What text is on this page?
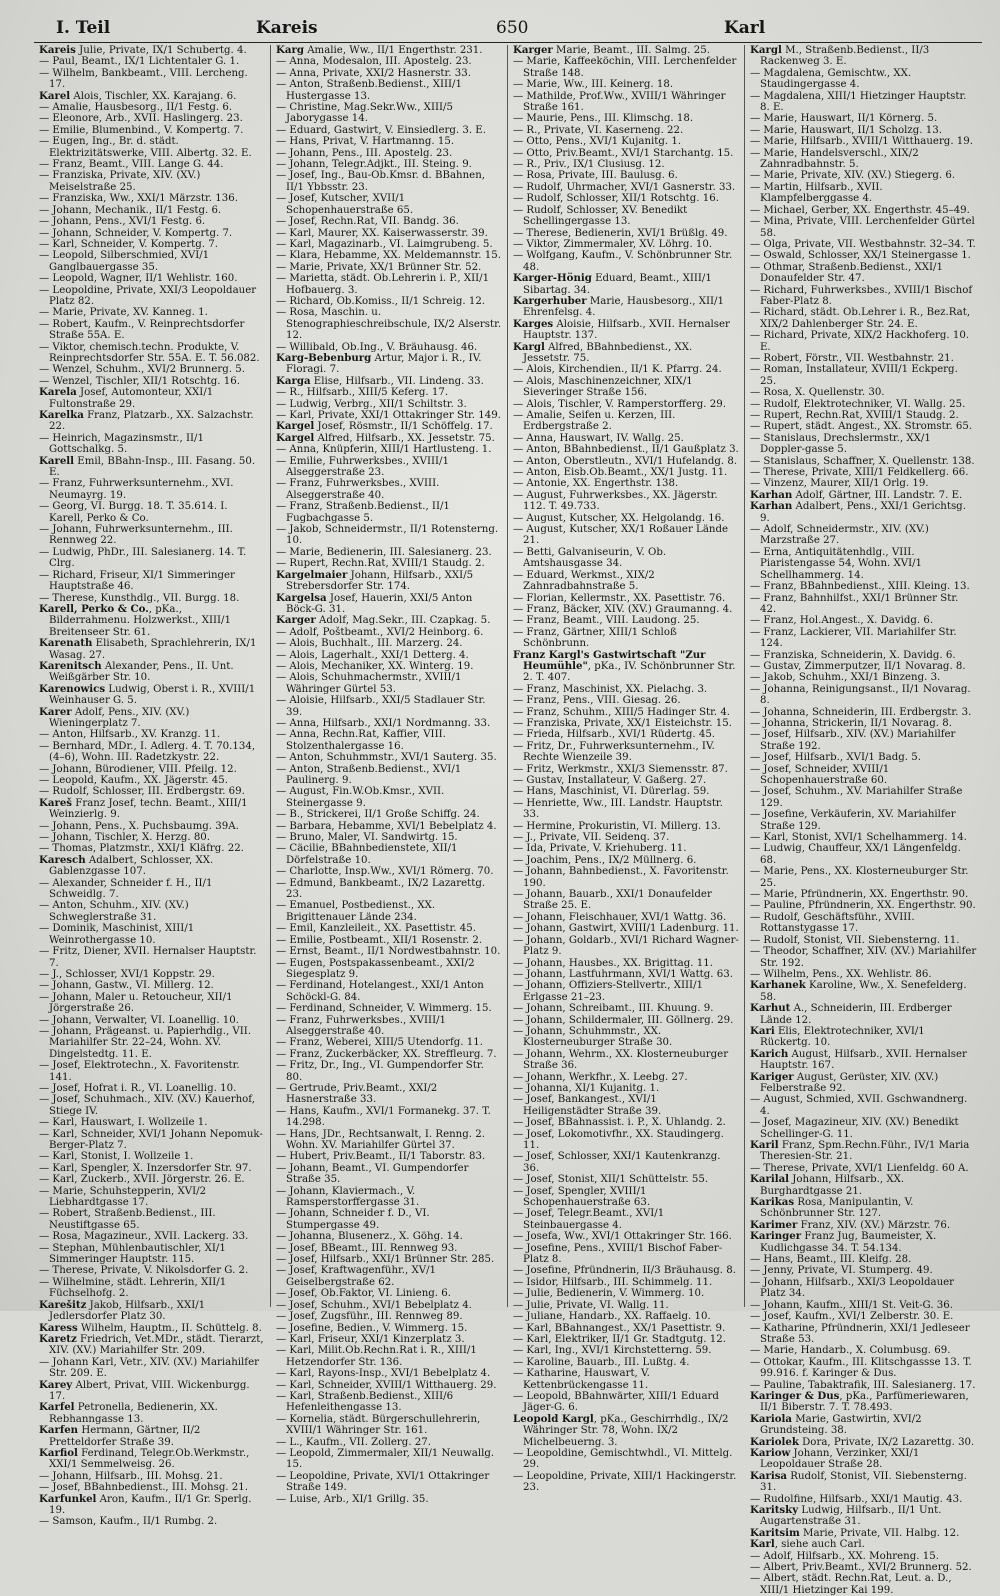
I. Teil	Kareis	650	Karl

Kareis Julie, Private, IX/1 Schubertg. 4.

— Paul, Beamt., IX/1 Lichtentaler G. 1.

— Wilhelm, Bankbeamt., VIII. Lercheng. 17.

Karel Alois, Tischler, XX. Karajang. 6.

— Amalie, Hausbesorg., II/1 Festg. 6.

— Eleonore, Arb., XVII. Haslingerg. 23.

— Emilie, Blumenbind., V. Kompertg. 7.

— Eugen, Ing., Br. d. städt. Elektrizitätswerke, VIII. Albertg. 32. E.

— Franz, Beamt., VIII. Lange G. 44.

— Franziska, Private, XIV. (XV.) Meiselstraße 25.

— Franziska, Ww., XXI/1 Märzstr. 136.

— Johann, Mechanik., II/1 Festg. 6.

— Johann, Pens., XVI/1 Festg. 6.

— Johann, Schneider, V. Kompertg. 7.

— Karl, Schneider, V. Kompertg. 7.

— Leopold, Silberschmied, XVI/1 Ganglbauergasse 35.

— Leopold, Wagner, II/1 Wehlistr. 160.

— Leopoldine, Private, XXI/3 Leopoldauer Platz 82.

— Marie, Private, XV. Kanneg. 1.

— Robert, Kaufm., V. Reinprechtsdorfer Straße 55A. E.

— Viktor, chemisch.techn. Produkte, V. Reinprechtsdorfer Str. 55A. E. T. 56.082.

— Wenzel, Schuhm., XVI/2 Brunnerg. 5.

— Wenzel, Tischler, XII/1 Rotschtg. 16.

Karela Josef, Automonteur, XXI/1 Fultonstraße 29.

Karelka Franz, Platzarb., XX. Salzachstr. 22.

— Heinrich, Magazinsmstr., II/1 Gottschalkg. 5.

Karell Emil, BBahn-Insp., III. Fasang. 50. E.

— Franz, Fuhrwerksunternehm., XVI. Neumayrg. 19.

— Georg, VI. Burgg. 18. T. 35.614. I. Karell, Perko & Co.

— Johann, Fuhrwerksunternehm., III. Rennweg 22.

— Ludwig, PhDr., III. Salesianerg. 14. T. Clrg.

— Richard, Friseur, XI/1 Simmeringer Hauptstraße 46.

— Therese, Kunsthdlg., VII. Burgg. 18.

Karell, Perko & Co., pKa., Bilderrahmenu. Holzwerkst., XIII/1 Breitenseer Str. 61.

Karenath Elisabeth, Sprachlehrerin, IX/1 Wasag. 27.

Karenitsch Alexander, Pens., II. Unt. Weißgärber Str. 10.

Karenowics Ludwig, Oberst i. R., XVIII/1 Weinhauser G. 5.

Karer Adolf, Pens., XIV. (XV.) Wieningerplatz 7.

— Anton, Hilfsarb., XV. Kranzg. 11.

— Bernhard, MDr., I. Adlerg. 4. T. 70.134, (4–6), Wohn. III. Radetzkystr. 22.

— Johann, Bürodiener, VIII. Pfeilg. 12.

— Leopold, Kaufm., XX. Jägerstr. 45.

— Rudolf, Schlosser, III. Erdbergstr. 69.

Kareš Franz Josef, techn. Beamt., XIII/1 Weinzierlg. 9.

— Johann, Pens., X. Puchsbaumg. 39A.

— Johann, Tischler, X. Herzg. 80.

— Thomas, Platzmstr., XXI/1 Kläfrg. 22.

Karesch Adalbert, Schlosser, XX. Gablenzgasse 107.

— Alexander, Schneider f. H., II/1 Schweidlg. 7.

— Anton, Schuhm., XIV. (XV.) Schweglerstraße 31.

— Dominik, Maschinist, XIII/1 Weinrothergasse 10.

— Fritz, Diener, XVII. Hernalser Hauptstr. 7.

— J., Schlosser, XVI/1 Koppstr. 29.

— Johann, Gastw., VI. Millerg. 12.

— Johann, Maler u. Retoucheur, XII/1 Jörgerstraße 26.

— Johann, Verwalter, VI. Loanellig. 10.

— Johann, Prägeanst. u. Papierhdlg., VII. Mariahilfer Str. 22–24, Wohn. XV. Dingelstedtg. 11. E.

— Josef, Elektrotechn., X. Favoritenstr. 141.

— Josef, Hofrat i. R., VI. Loanellig. 10.

— Josef, Schuhmach., XIV. (XV.) Kauerhof, Stiege IV.

— Karl, Hauswart, I. Wollzeile 1.

— Karl, Schneider, XVI/1 Johann Nepomuk-Berger-Platz 7.

— Karl, Stonist, I. Wollzeile 1.

— Karl, Spengler, X. Inzersdorfer Str. 97.

— Karl, Zuckerb., XVII. Jörgerstr. 26. E.

— Marie, Schuhstepperin, XVI/2 Liebhardtgasse 17.

— Robert, Straßenb.Bedienst., III. Neustiftgasse 65.

— Rosa, Magazineur., XVII. Lackerg. 33.

— Stephan, Mühlenbautischler, XI/1 Simmeringer Hauptstr. 115.

— Therese, Private, V. Nikolsdorfer G. 2.

— Wilhelmine, städt. Lehrerin, XII/1 Füchselhofg. 2.

Karešitz Jakob, Hilfsarb., XXI/1 Jedlersdorfer Platz 30.

Karess Wilhelm, Hauptm., II. Schüttelg. 8.

Karetz Friedrich, Vet.MDr., städt. Tierarzt, XIV. (XV.) Mariahilfer Str. 209.

— Johann Karl, Vetr., XIV. (XV.) Mariahilfer Str. 209. E.

Karey Albert, Privat, VIII. Wickenburgg. 17.

Karfel Petronella, Bedienerin, XX. Rebhanngasse 13.

Karfen Hermann, Gärtner, II/2 Pretteldorfer Straße 39.

Karfiol Ferdinand, Telegr.Ob.Werkmstr., XXI/1 Semmelweisg. 26.

— Johann, Hilfsarb., III. Mohsg. 21.

— Josef, BBahnbedienst., III. Mohsg. 21.

Karfunkel Aron, Kaufm., II/1 Gr. Sperlg. 19.

— Samson, Kaufm., II/1 Rumbg. 2.

Karg Amalie, Ww., II/1 Engerthstr. 231.

— Anna, Modesalon, III. Apostelg. 23.

— Anna, Private, XXI/2 Hasnerstr. 33.

— Anton, Straßenb.Bedienst., XIII/1 Hustergasse 13.

— Christine, Mag.Sekr.Ww., XIII/5 Jaborygasse 14.

— Eduard, Gastwirt, V. Einsiedlerg. 3. E.

— Hans, Privat, V. Hartmanng. 15.

— Johann, Pens., III. Apostelg. 23.

— Johann, Telegr.Adjkt., III. Steing. 9.

— Josef, Ing., Bau-Ob.Kmsr. d. BBahnen, II/1 Ybbsstr. 23.

— Josef, Kutscher, XVII/1 Schopenhauerstraße 65.

— Josef, Rechn.Rat, VII. Bandg. 36.

— Karl, Maurer, XX. Kaiserwasserstr. 39.

— Karl, Magazinarb., VI. Laimgrubeng. 5.

— Klara, Hebamme, XX. Meldemannstr. 15.

— Marie, Private, XX/1 Brünner Str. 52.

— Marietta, städt. Ob.Lehrerin i. P., XII/1 Hofbauerg. 3.

— Richard, Ob.Komiss., II/1 Schreig. 12.

— Rosa, Maschin. u. Stenographieschreibschule, IX/2 Alserstr. 12.

— Willibald, Ob.Ing., V. Bräuhausg. 46.

Karg-Bebenburg Artur, Major i. R., IV. Floragi. 7.

Karga Elise, Hilfsarb., VII. Lindeng. 33.

— R., Hilfsarb., XIII/5 Keferg. 17.

— Ludwig, Verbrg., XII/1 Schiltstr. 3.

— Karl, Private, XXI/1 Ottakringer Str. 149.

Kargel Josef, Rösmstr., II/1 Schöffelg. 17.

Kargel Alfred, Hilfsarb., XX. Jessetstr. 75.

— Anna, Knüpferin, XIII/1 Hartlusteng. 1.

— Emilie, Fuhrwerksbes., XVIII/1 Alseggerstraße 23.

— Franz, Fuhrwerksbes., XVIII. Alseggerstraße 40.

— Franz, Straßenb.Bedienst., II/1 Fugbachgasse 5.

— Jakob, Schneidermstr., II/1 Rotensterng. 10.

— Marie, Bedienerin, III. Salesianerg. 23.

— Rupert, Rechn.Rat, XVIII/1 Staudg. 2.

Kargelmaier Johann, Hilfsarb., XXI/5 Strebersdorfer Str. 174.

Kargelsa Josef, Hauerin, XXI/5 Anton Böck-G. 31.

Karger Adolf, Mag.Sekr., III. Czapkag. 5.

— Adolf, Poštbeamt., XVI/2 Heinborg. 6.

— Alois, Buchhalt., III. Marzerg. 24.

— Alois, Lagerhalt., XXI/1 Detterg. 4.

— Alois, Mechaniker, XX. Winterg. 19.

— Alois, Schuhmachermstr., XVIII/1 Währinger Gürtel 53.

— Aloisie, Hilfsarb., XXI/5 Stadlauer Str. 39.

— Anna, Hilfsarb., XXI/1 Nordmanng. 33.

— Anna, Rechn.Rat, Kaffier, VIII. Stolzenthalergasse 16.

— Anton, Schuhmmstr., XVI/1 Sauterg. 35.

— Anton, Straßenb.Bedienst., XVI/1 Paulinerg. 9.

— August, Fin.W.Ob.Kmsr., XVII. Steinergasse 9.

— B., Strickerei, II/1 Große Schiffg. 24.

— Barbara, Hebamme, XVI/1 Bebelplatz 4.

— Bruno, Maler, VI. Sandwirtg. 15.

— Cäcilie, BBahnbedienstete, XII/1 Dörfelstraße 10.

— Charlotte, Insp.Ww., XVI/1 Römerg. 70.

— Edmund, Bankbeamt., IX/2 Lazarettg. 23.

— Emanuel, Postbedienst., XX. Brigittenauer Lände 234.

— Emil, Kanzleileit., XX. Pasettistr. 45.

— Emilie, Postbeamt., XII/1 Rosenstr. 2.

— Ernst, Beamt., II/1 Nordwestbahnstr. 10.

— Eugen, Postspakassenbeamt., XXI/2 Siegesplatz 9.

— Ferdinand, Hotelangest., XXI/1 Anton Schöckl-G. 84.

— Ferdinand, Schneider, V. Wimmerg. 15.

— Franz, Fuhrwerksbes., XVIII/1 Alseggerstraße 40.

— Franz, Weberei, XIII/5 Utendorfg. 11.

— Franz, Zuckerbäcker, XX. Streffleurg. 7.

— Fritz, Dr., Ing., VI. Gumpendorfer Str. 80.

— Gertrude, Priv.Beamt., XXI/2 Hasnerstraße 33.

— Hans, Kaufm., XVI/1 Formanekg. 37. T. 14.298.

— Hans, JDr., Rechtsanwalt, I. Renng. 2. Wohn. XV. Mariahilfer Gürtel 37.

— Hubert, Priv.Beamt., II/1 Taborstr. 83.

— Johann, Beamt., VI. Gumpendorfer Straße 35.

— Johann, Klaviermach., V. Ramsperstorffergasse 31.

— Johann, Schneider f. D., VI. Stumpergasse 49.

— Johanna, Blusenerz., X. Göhg. 14.

— Josef, BBeamt., III. Rennweg 93.

— Josef, Hilfsarb., XXI/1 Brünner Str. 285.

— Josef, Kraftwagenführ., XV/1 Geiselbergstraße 62.

— Josef, Ob.Faktor, VI. Linieng. 6.

— Josef, Schuhm., XVI/1 Bebelplatz 4.

— Josef, Zugsführ., III. Rennweg 89.

— Josefine, Bedien., V. Wimmerg. 15.

— Karl, Friseur, XXI/1 Kinzerplatz 3.

— Karl, Milit.Ob.Rechn.Rat i. R., XIII/1 Hetzendorfer Str. 136.

— Karl, Rayons-Insp., XVI/1 Bebelplatz 4.

— Karl, Schneider, XVIII/1 Witthauerg. 29.

— Karl, Straßenb.Bedienst., XIII/6 Hefenleithengasse 13.

— Kornelia, städt. Bürgerschullehrerin, XVIII/1 Währinger Str. 161.

— L., Kaufm., VII. Zollerg. 27.

— Leopold, Zimmermaler, XII/1 Neuwallg. 15.

— Leopoldine, Private, XVI/1 Ottakringer Straße 149.

— Luise, Arb., XI/1 Grillg. 35.

Karger Marie, Beamt., III. Salmg. 25.

— Marie, Kaffeeköchin, VIII. Lerchenfelder Straße 148.

— Marie, Ww., III. Keinerg. 18.

— Mathilde, Prof.Ww., XVIII/1 Währinger Straße 161.

— Maurie, Pens., III. Klimschg. 18.

— R., Private, VI. Kaserneng. 22.

— Otto, Pens., XVI/1 Kujanitg. 1.

— Otto, Priv.Beamt., XVI/1 Starchantg. 15.

— R., Priv., IX/1 Clusiusg. 12.

— Rosa, Private, III. Baulusg. 6.

— Rudolf, Uhrmacher, XVI/1 Gasnerstr. 33.

— Rudolf, Schlosser, XII/1 Rotschtg. 16.

— Rudolf, Schlosser, XV. Benedikt Schellingergasse 13.

— Therese, Bedienerin, XVI/1 Brüßlg. 49.

— Viktor, Zimmermaler, XV. Löhrg. 10.

— Wolfgang, Kaufm., V. Schönbrunner Str. 48.

Karger-Hönig Eduard, Beamt., XIII/1 Sibartag. 34.

Kargerhuber Marie, Hausbesorg., XII/1 Ehrenfelsg. 4.

Karges Aloisie, Hilfsarb., XVII. Hernalser Hauptstr. 137.

Kargl Alfred, BBahnbedienst., XX. Jessetstr. 75.

— Alois, Kirchendien., II/1 K. Pfarrg. 24.

— Alois, Maschinenzeichner, XIX/1 Sieveringer Straße 156.

— Alois, Tischler, V. Ramperstorfferg. 29.

— Amalie, Seifen u. Kerzen, III. Erdbergstraße 2.

— Anna, Hauswart, IV. Wallg. 25.

— Anton, BBahnbedienst., II/1 Gaußplatz 3.

— Anton, Oberstleutn., XVI/1 Hufelandg. 8.

— Anton, Eisb.Ob.Beamt., XX/1 Justg. 11.

— Antonie, XX. Engerthstr. 138.

— August, Fuhrwerksbes., XX. Jägerstr. 112. T. 49.733.

— August, Kutscher, XX. Helgolandg. 16.

— August, Kutscher, XX/1 Roßauer Lände 21.

— Betti, Galvaniseurin, V. Ob. Amtshausgasse 34.

— Eduard, Werkmst., XIX/2 Zahnradbahnstraße 5.

— Florian, Kellermstr., XX. Pasettistr. 76.

— Franz, Bäcker, XIV. (XV.) Graumanng. 4.

— Franz, Beamt., VIII. Laudong. 25.

— Franz, Gärtner, XIII/1 Schloß Schönbrunn.

Franz Kargl's Gastwirtschaft "Zur Heumühle", pKa., IV. Schönbrunner Str. 2. T. 407.

— Franz, Maschinist, XX. Pielachg. 3.

— Franz, Pens., VIII. Giesag. 26.

— Franz, Schuhm., XIII/5 Hadinger Str. 4.

— Franziska, Private, XX/1 Eisteichstr. 15.

— Frieda, Hilfsarb., XVI/1 Rüdertg. 45.

— Fritz, Dr., Fuhrwerksunternehm., IV. Rechte Wienzeile 39.

— Fritz, Werkmstr., XXI/3 Siemensstr. 87.

— Gustav, Installateur, V. Gaßerg. 27.

— Hans, Maschinist, VI. Dürerlag. 59.

— Henriette, Ww., III. Landstr. Hauptstr. 33.

— Hermine, Prokuristin, VI. Millerg. 13.

— J., Private, VII. Seidenq. 37.

— Ida, Private, V. Kriehuberg. 11.

— Joachim, Pens., IX/2 Müllnerg. 6.

— Johann, Bahnbedienst., X. Favoritenstr. 190.

— Johann, Bauarb., XXI/1 Donaufelder Straße 25. E.

— Johann, Fleischhauer, XVI/1 Wattg. 36.

— Johann, Gastwirt, XVIII/1 Ladenburg. 11.

— Johann, Goldarb., XVI/1 Richard Wagner-Platz 9.

— Johann, Hausbes., XX. Brigittag. 11.

— Johann, Lastfuhrmann, XVI/1 Wattg. 63.

— Johann, Offiziers-Stellvertr., XIII/1 Erlgasse 21–23.

— Johann, Schreibamt., III. Khuung. 9.

— Johann, Schildermaler, III. Göllnerg. 29.

— Johann, Schuhmmstr., XX. Klosterneuburger Straße 30.

— Johann, Wehrm., XX. Klosterneuburger Straße 36.

— Johann, Werkfhr., X. Leebg. 27.

— Johanna, XI/1 Kujanitg. 1.

— Josef, Bankangest., XVI/1 Heiligenstädter Straße 39.

— Josef, BBahnassist. i. P., X. Uhlandg. 2.

— Josef, Lokomotivfhr., XX. Staudingerg. 11.

— Josef, Schlosser, XXI/1 Kautenkranzg. 36.

— Josef, Stonist, XII/1 Schüttelstr. 55.

— Josef, Spengler, XVIII/1 Schopenhauerstraße 63.

— Josef, Telegr.Beamt., XVI/1 Steinbauergasse 4.

— Josefa, Ww., XVI/1 Ottakringer Str. 166.

— Josefine, Pens., XVIII/1 Bischof Faber-Platz 8.

— Josefine, Pfründnerin, II/3 Bräuhausg. 8.

— Isidor, Hilfsarb., III. Schimmelg. 11.

— Julie, Bedienerin, V. Wimmerg. 10.

— Julie, Private, VI. Wallg. 11.

— Juliane, Handarb., XX. Raffaelg. 10.

— Karl, BBahnangest., XX/1 Pasettistr. 9.

— Karl, Elektriker, II/1 Gr. Stadtgutg. 12.

— Karl, Ing., XVI/1 Kirchstetterng. 59.

— Karoline, Bauarb., III. Lußtg. 4.

— Katharine, Hauswart, V. Kettenbrückengasse 11.

— Leopold, BBahnwärter, XIII/1 Eduard Jäger-G. 6.

Leopold Kargl, pKa., Geschirrhdlg., IX/2 Währinger Str. 78, Wohn. IX/2 Michelbeuerng. 3.

— Leopoldine, Gemischtwhdl., VI. Mittelg. 29.

— Leopoldine, Private, XIII/1 Hackingerstr. 23.

Kargl M., Straßenb.Bedienst., II/3 Rackenweg 3. E.

— Magdalena, Gemischtw., XX. Staudingergasse 4.

— Magdalena, XIII/1 Hietzinger Hauptstr. 8. E.

— Marie, Hauswart, II/1 Körnerg. 5.

— Marie, Hauswart, II/1 Scholzg. 13.

— Marie, Hilfsarb., XVIII/1 Witthauerg. 19.

— Marie, Handelsverschl., XIX/2 Zahnradbahnstr. 5.

— Marie, Private, XIV. (XV.) Stiegerg. 6.

— Martin, Hilfsarb., XVII. Klampfelberggasse 4.

— Michael, Gerber, XX. Engerthstr. 45–49.

— Mina, Private, VIII. Lerchenfelder Gürtel 58.

— Olga, Private, VII. Westbahnstr. 32–34. T.

— Oswald, Schlosser, XX/1 Steinergasse 1.

— Othmar, Straßenb.Bedienst., XXI/1 Donaufelder Str. 47.

— Richard, Fuhrwerksbes., XVIII/1 Bischof Faber-Platz 8.

— Richard, städt. Ob.Lehrer i. R., Bez.Rat, XIX/2 Dahlenberger Str. 24. E.

— Richard, Private, XIX/2 Hackhoferg. 10. E.

— Robert, Förstr., VII. Westbahnstr. 21.

— Roman, Installateur, XVIII/1 Eckperg. 25.

— Rosa, X. Quellenstr. 30.

— Rudolf, Elektrotechniker, VI. Wallg. 25.

— Rupert, Rechn.Rat, XVIII/1 Staudg. 2.

— Rupert, städt. Angest., XX. Stromstr. 65.

— Stanislaus, Drechslermstr., XX/1 Doppler-gasse 5.

— Stanislaus, Schaffner, X. Quellenstr. 138.

— Therese, Private, XIII/1 Feldkellerg. 66.

— Vinzenz, Maurer, XII/1 Orlg. 19.

Karhan Adolf, Gärtner, III. Landstr. 7. E.

Karhan Adalbert, Pens., XXI/1 Gerichtsg. 9.

— Adolf, Schneidermstr., XIV. (XV.) Marzstraße 27.

— Erna, Antiquitätenhdlg., VIII. Piaristengasse 54, Wohn. XVI/1 Schellhammerg. 14.

— Franz, BBahnbedienst., XIII. Kleing. 13.

— Franz, Bahnhilfst., XXI/1 Brünner Str. 42.

— Franz, Hol.Angest., X. Davidg. 6.

— Franz, Lackierer, VII. Mariahilfer Str. 124.

— Franziska, Schneiderin, X. Davidg. 6.

— Gustav, Zimmerputzer, II/1 Novarag. 8.

— Jakob, Schuhm., XXI/1 Binzeng. 3.

— Johanna, Reinigungsanst., II/1 Novarag. 8.

— Johanna, Schneiderin, III. Erdbergstr. 3.

— Johanna, Strickerin, II/1 Novarag. 8.

— Josef, Hilfsarb., XIV. (XV.) Mariahilfer Straße 192.

— Josef, Hilfsarb., XVI/1 Badg. 5.

— Josef, Schneider, XVIII/1 Schopenhauerstraße 60.

— Josef, Schuhm., XV. Mariahilfer Straße 129.

— Josefine, Verkäuferin, XV. Mariahilfer Straße 129.

— Karl, Stonist, XVI/1 Schelhammerg. 14.

— Ludwig, Chauffeur, XX/1 Längenfeldg. 68.

— Marie, Pens., XX. Klosterneuburger Str. 25.

— Marie, Pfründnerin, XX. Engerthstr. 90.

— Pauline, Pfründnerin, XX. Engerthstr. 90.

— Rudolf, Geschäftsführ., XVIII. Rottanstygasse 17.

— Rudolf, Stonist, VII. Siebensterng. 11.

— Theodor, Schaffner, XIV. (XV.) Mariahilfer Str. 192.

— Wilhelm, Pens., XX. Wehlistr. 86.

Karhanek Karoline, Ww., X. Senefelderg. 58.

Karhut A., Schneiderin, III. Erdberger Lände 12.

Kari Elis, Elektrotechniker, XVI/1 Rückertg. 10.

Karich August, Hilfsarb., XVII. Hernalser Hauptstr. 167.

Kariger August, Gerüster, XIV. (XV.) Felberstraße 92.

— August, Schmied, XVII. Gschwandnerg. 4.

— Josef, Magazineur, XIV. (XV.) Benedikt Schellinger-G. 11.

Karil Franz, Spm.Rechn.Führ., IV/1 Maria Theresien-Str. 21.

— Therese, Private, XVI/1 Lienfeldg. 60 A.

Karilal Johann, Hilfsarb., XX. Burghardtgasse 21.

Karikas Rosa, Manipulantin, V. Schönbrunner Str. 127.

Karimer Franz, XIV. (XV.) Märzstr. 76.

Karinger Franz Jug, Baumeister, X. Kudlichgasse 34. T. 54.134.

— Hans, Beamt., III. Kleifg. 28.

— Jenny, Private, VI. Stumperg. 49.

— Johann, Hilfsarb., XXI/3 Leopoldauer Platz 34.

— Johann, Kaufm., XIII/1 St. Veit-G. 36.

— Josef, Kaufm., XVI/1 Zelberstr. 30. E.

— Katharine, Pfründnerin, XXI/1 Jedleseer Straße 53.

— Marie, Handarb., X. Columbusg. 69.

— Ottokar, Kaufm., III. Klitschgassse 13. T. 99.916. f. Karinger & Dus.

— Pauline, Tabaktrafik, III. Salesianerg. 17.

Karinger & Dus, pKa., Parfümeriewaren, II/1 Biberstr. 7. T. 78.493.

Kariola Marie, Gastwirtin, XVI/2 Grundsteing. 38.

Kariolek Dora, Private, IX/2 Lazarettg. 30.

Kariow Johann, Verzinker, XXI/1 Leopoldauer Straße 28.

Karisa Rudolf, Stonist, VII. Siebensterng. 31.

— Rudolfine, Hilfsarb., XXI/1 Mautig. 43.

Karitsky Ludwig, Hilfsarb., II/1 Unt. Augartenstraße 31.

Karitsim Marie, Private, VII. Halbg. 12.

Karl, siehe auch Carl.

— Adolf, Hilfsarb., XX. Mohreng. 15.

— Albert, Priv.Beamt., XVI/2 Brunnerg. 52.

— Albert, städt. Rechn.Rat, Leut. a. D., XIII/1 Hietzinger Kai 199.
